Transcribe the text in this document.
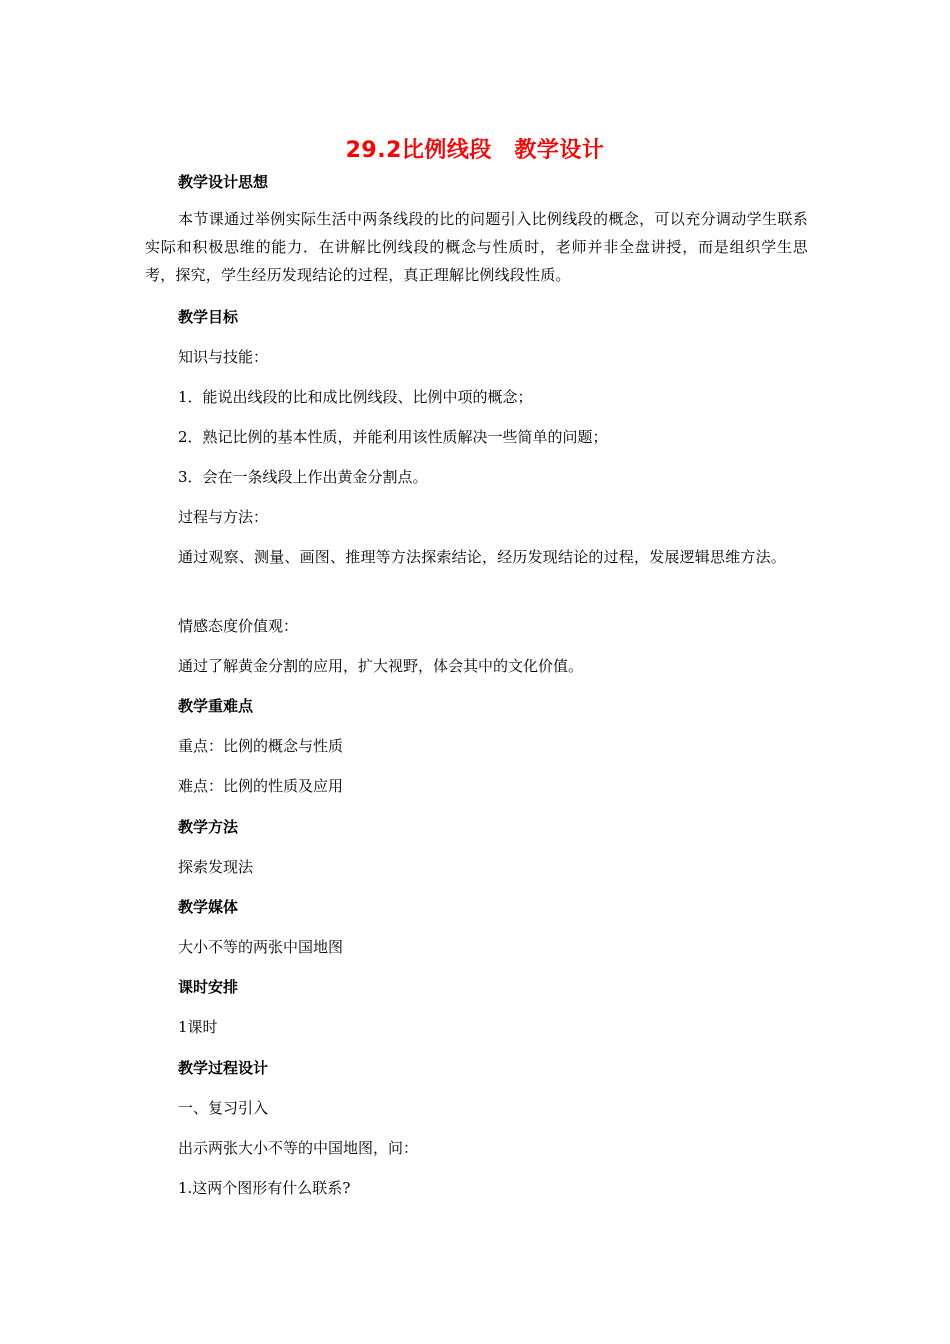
29.2比例线段　教学设计
教学设计思想
本节课通过举例实际生活中两条线段的比的问题引入比例线段的概念，可以充分调动学生联系实际和积极思维的能力．在讲解比例线段的概念与性质时，老师并非全盘讲授，而是组织学生思考，探究，学生经历发现结论的过程，真正理解比例线段性质。
教学目标
知识与技能：
1．能说出线段的比和成比例线段、比例中项的概念；
2．熟记比例的基本性质，并能利用该性质解决一些简单的问题；
3．会在一条线段上作出黄金分割点。
过程与方法：
通过观察、测量、画图、推理等方法探索结论，经历发现结论的过程，发展逻辑思维方法。
情感态度价值观：
通过了解黄金分割的应用，扩大视野，体会其中的文化价值。
教学重难点
重点：比例的概念与性质
难点：比例的性质及应用
教学方法
探索发现法
教学媒体
大小不等的两张中国地图
课时安排
1课时
教学过程设计
一、复习引入
出示两张大小不等的中国地图，问：
1.这两个图形有什么联系?
